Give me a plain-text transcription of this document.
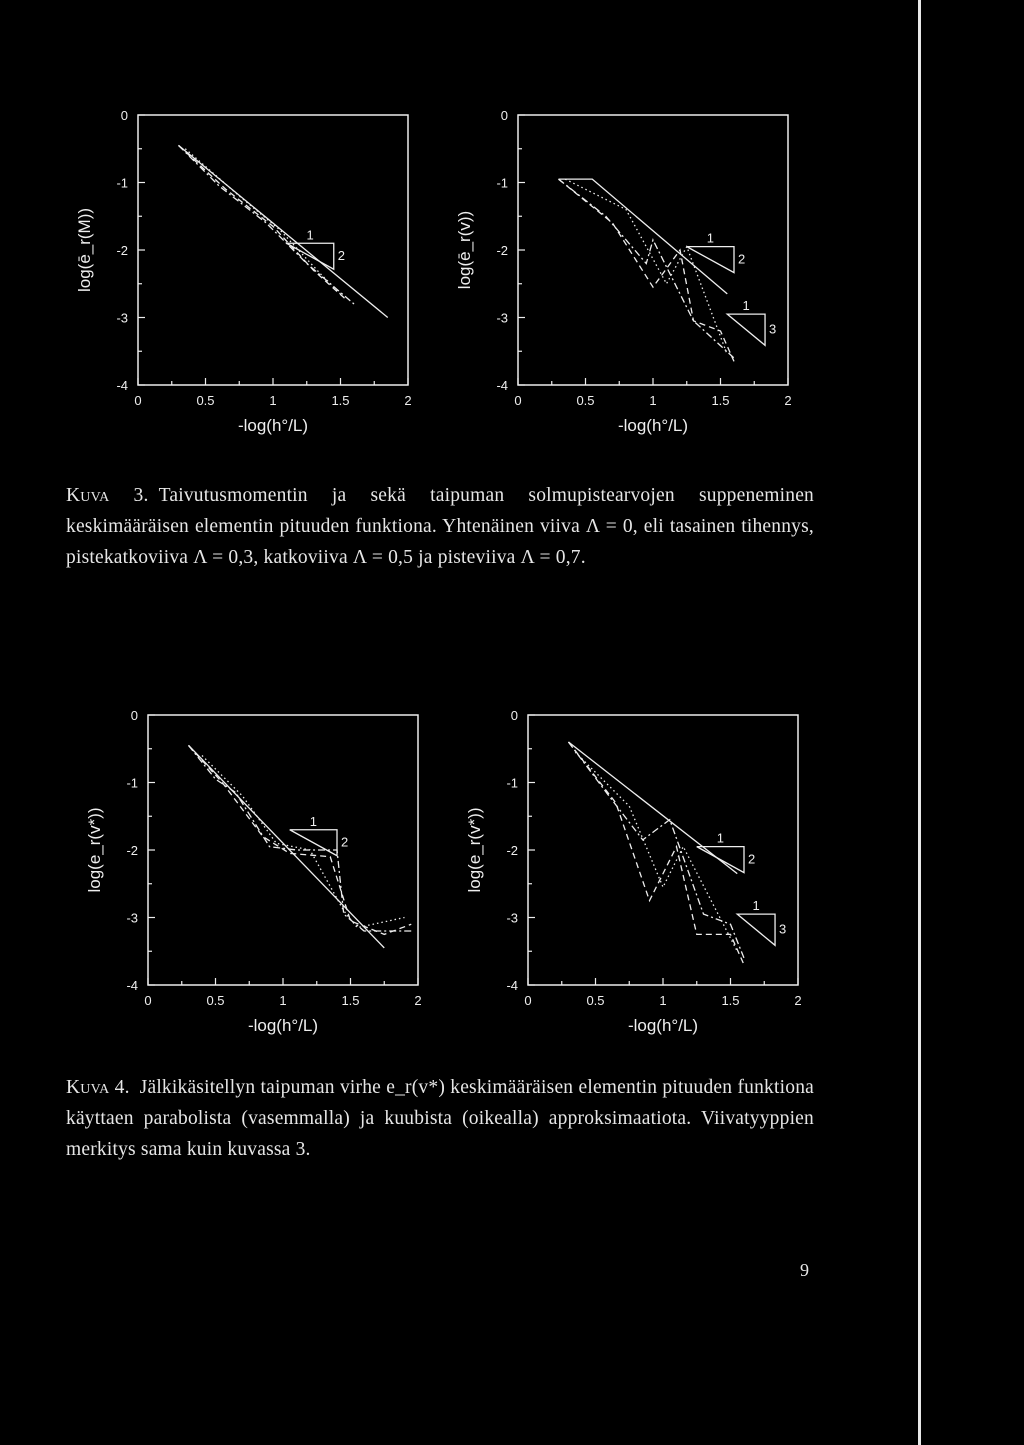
0	0.5	1	1.5	2
0
-1
-2
-3
-4
-log(h°/L)
log(ē_r(M))	1
2
0	0.5	1	1.5	2
0
-1
-2
-3
-4
-log(h°/L)
log(ē_r(v))	1
2
1
3
Kuva 3. Taivutusmomentin ja sekä taipuman solmupistearvojen suppeneminen keskimääräisen elementin pituuden funktiona. Yhtenäinen viiva Λ = 0, eli tasainen tihennys, pistekatkoviiva Λ = 0,3, katkoviiva Λ = 0,5 ja pisteviiva Λ = 0,7.
0	0.5	1	1.5	2
0
-1
-2
-3
-4
-log(h°/L)
log(e_r(v*))	1
2
0	0.5	1	1.5	2
0
-1
-2
-3
-4
-log(h°/L)
log(e_r(v*))	1
2
1
3
Kuva 4. Jälkikäsitellyn taipuman virhe e_r(v*) keskimääräisen elementin pituuden funktiona käyttaen parabolista (vasemmalla) ja kuubista (oikealla) approksimaatiota. Viivatyyppien merkitys sama kuin kuvassa 3.
9
